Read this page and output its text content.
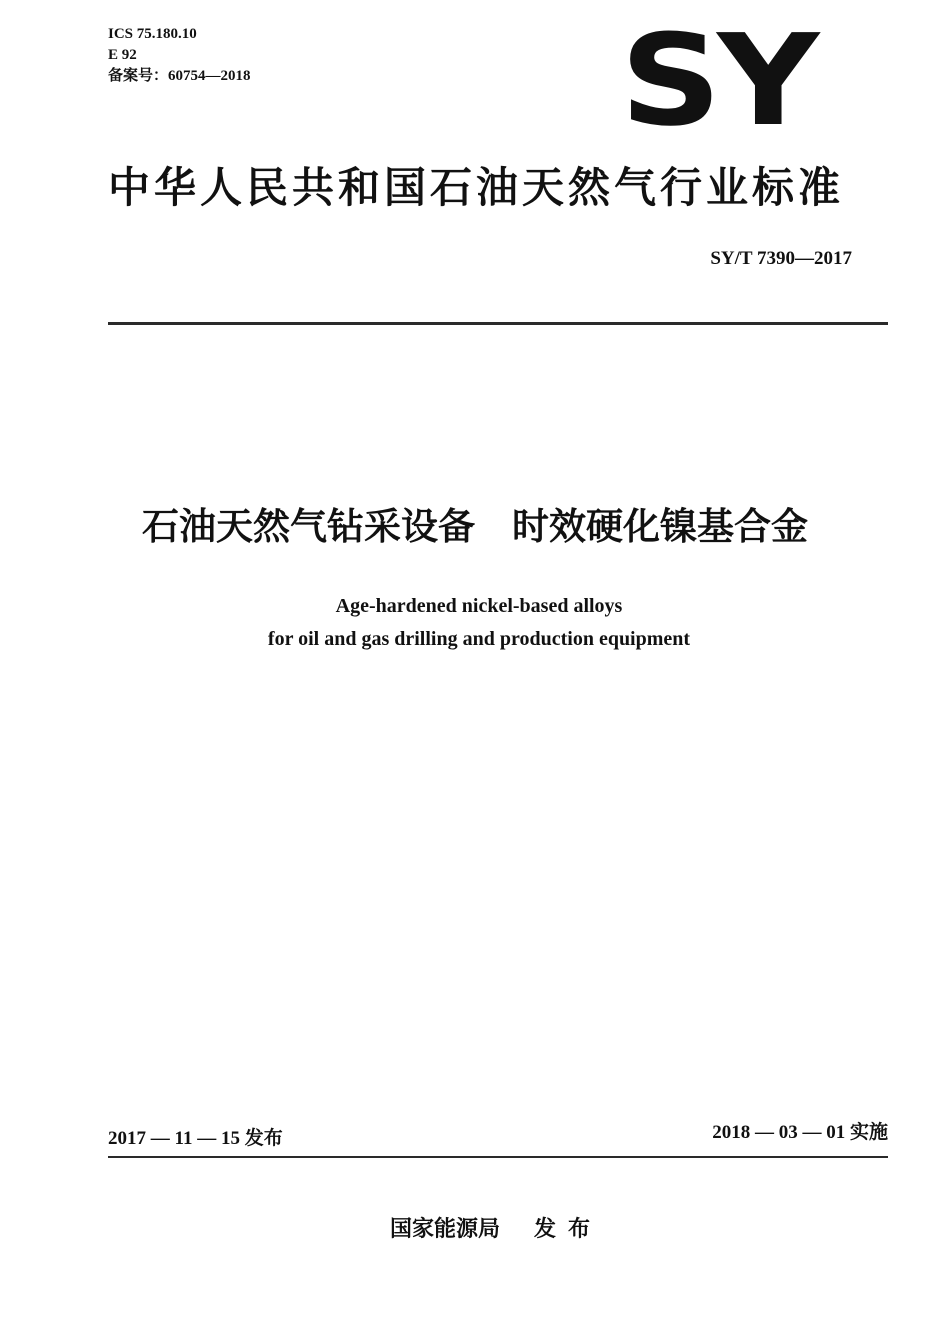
ICS 75.180.10
E 92
备案号：60754—2018	SY
中华人民共和国石油天然气行业标准
SY/T 7390—2017
石油天然气钻采设备　时效硬化镍基合金
Age-hardened nickel-based alloys
for oil and gas drilling and production equipment
2017 — 11 — 15 发布	2018 — 03 — 01 实施
国家能源局 发布
